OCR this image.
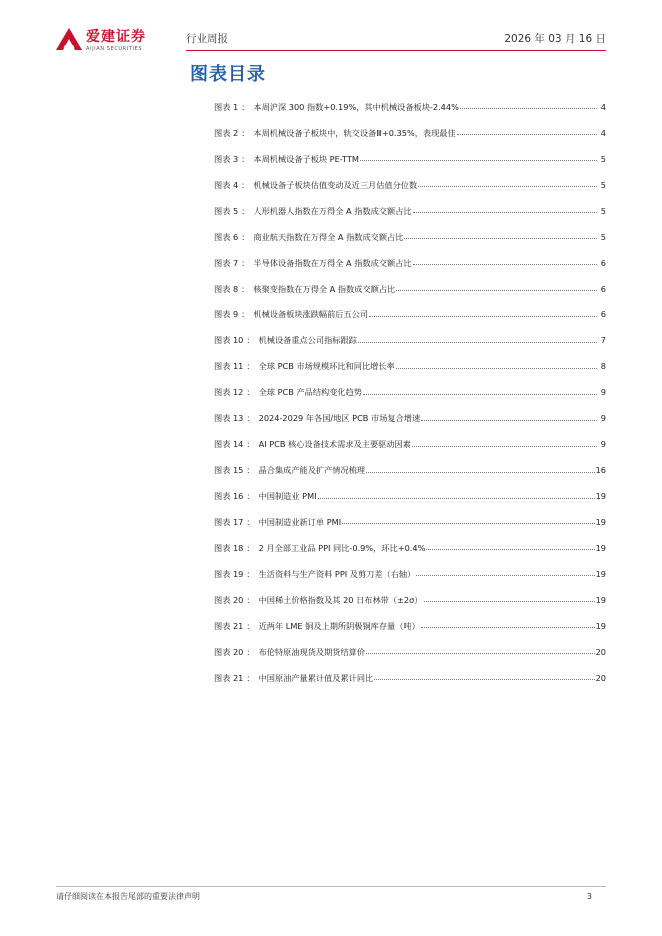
爱建证券
AIJIAN SECURITIES
行业周报	2026 年 03 月 16 日
图表目录
图表 1 ： 本周沪深 300 指数+0.19%，其中机械设备板块-2.44%	4
图表 2 ： 本周机械设备子板块中，轨交设备Ⅲ+0.35%，表现最佳	4
图表 3 ： 本周机械设备子板块 PE-TTM	5
图表 4 ： 机械设备子板块估值变动及近三月估值分位数	5
图表 5 ： 人形机器人指数在万得全 A 指数成交额占比	5
图表 6 ： 商业航天指数在万得全 A 指数成交额占比	5
图表 7 ： 半导体设备指数在万得全 A 指数成交额占比	6
图表 8 ： 核聚变指数在万得全 A 指数成交额占比	6
图表 9 ： 机械设备板块涨跌幅前后五公司	6
图表 10 ： 机械设备重点公司指标跟踪	7
图表 11 ： 全球 PCB 市场规模环比和同比增长率	8
图表 12 ： 全球 PCB 产品结构变化趋势	9
图表 13 ： 2024-2029 年各国/地区 PCB 市场复合增速	9
图表 14 ： AI PCB 核心设备技术需求及主要驱动因素	9
图表 15 ： 晶合集成产能及扩产情况梳理	16
图表 16 ： 中国制造业 PMI	19
图表 17 ： 中国制造业新订单 PMI	19
图表 18 ： 2 月全部工业品 PPI 同比-0.9%，环比+0.4%	19
图表 19 ： 生活资料与生产资料 PPI 及剪刀差（右轴）	19
图表 20 ： 中国稀土价格指数及其 20 日布林带（±2σ）	19
图表 21 ： 近两年 LME 铜及上期所阴极铜库存量（吨）	19
图表 20 ： 布伦特原油现货及期货结算价	20
图表 21 ： 中国原油产量累计值及累计同比	20
请仔细阅读在本报告尾部的重要法律声明	3
